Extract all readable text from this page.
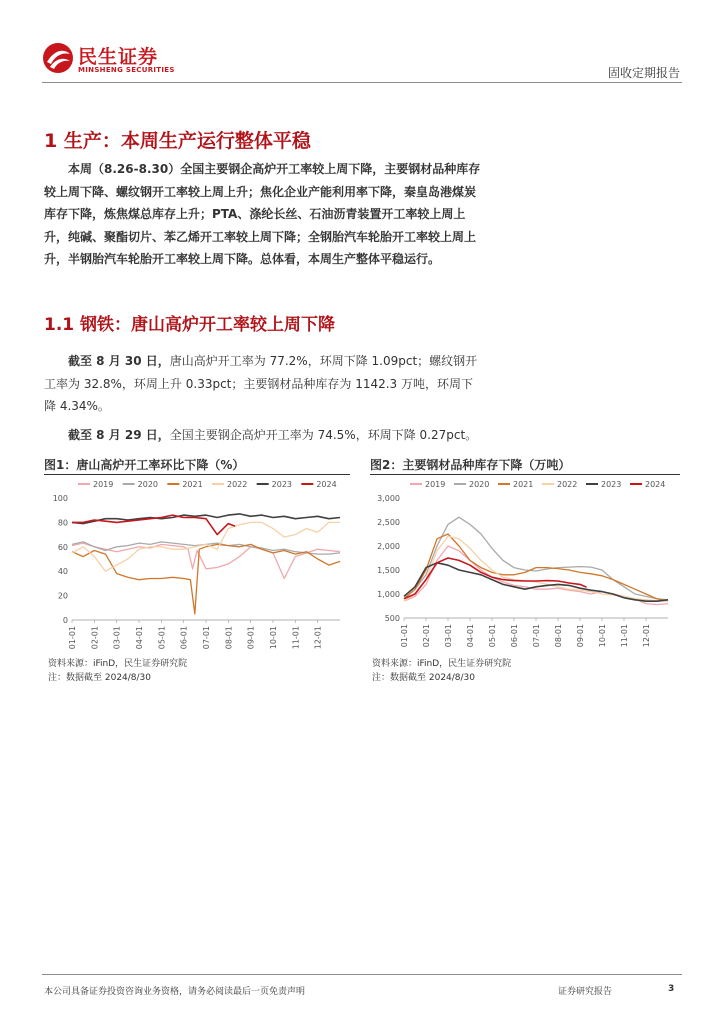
民生证券
MINSHENG SECURITIES	固收定期报告
1 生产：本周生产运行整体平稳
本周（8.26-8.30）全国主要钢企高炉开工率较上周下降，主要钢材品种库存较上周下降、螺纹钢开工率较上周上升；焦化企业产能利用率下降，秦皇岛港煤炭库存下降，炼焦煤总库存上升；PTA、涤纶长丝、石油沥青装置开工率较上周上升，纯碱、聚酯切片、苯乙烯开工率较上周下降；全钢胎汽车轮胎开工率较上周上升，半钢胎汽车轮胎开工率较上周下降。总体看，本周生产整体平稳运行。
1.1 钢铁：唐山高炉开工率较上周下降
截至 8 月 30 日，唐山高炉开工率为 77.2%，环周下降 1.09pct；螺纹钢开工率为 32.8%，环周上升 0.33pct；主要钢材品种库存为 1142.3 万吨，环周下降 4.34%。
截至 8 月 29 日，全国主要钢企高炉开工率为 74.5%，环周下降 0.27pct。
图1：唐山高炉开工率环比下降（%）
2019	2020	2021	2022	2023	2024
0
20
40
60
80
100
01-01 02-01 03-01 04-01 05-01 06-01 07-01 08-01 09-01 10-01 11-01 12-01
资料来源：iFinD，民生证券研究院
注：数据截至 2024/8/30
图2：主要钢材品种库存下降（万吨）
2019	2020	2021	2022	2023	2024
500
1,000
1,500
2,000
2,500
3,000
01-01 02-01 03-01 04-01 05-01 06-01 07-01 08-01 09-01 10-01 11-01 12-01
资料来源：iFinD，民生证券研究院
注：数据截至 2024/8/30
本公司具备证券投资咨询业务资格，请务必阅读最后一页免责声明	证券研究报告	3
